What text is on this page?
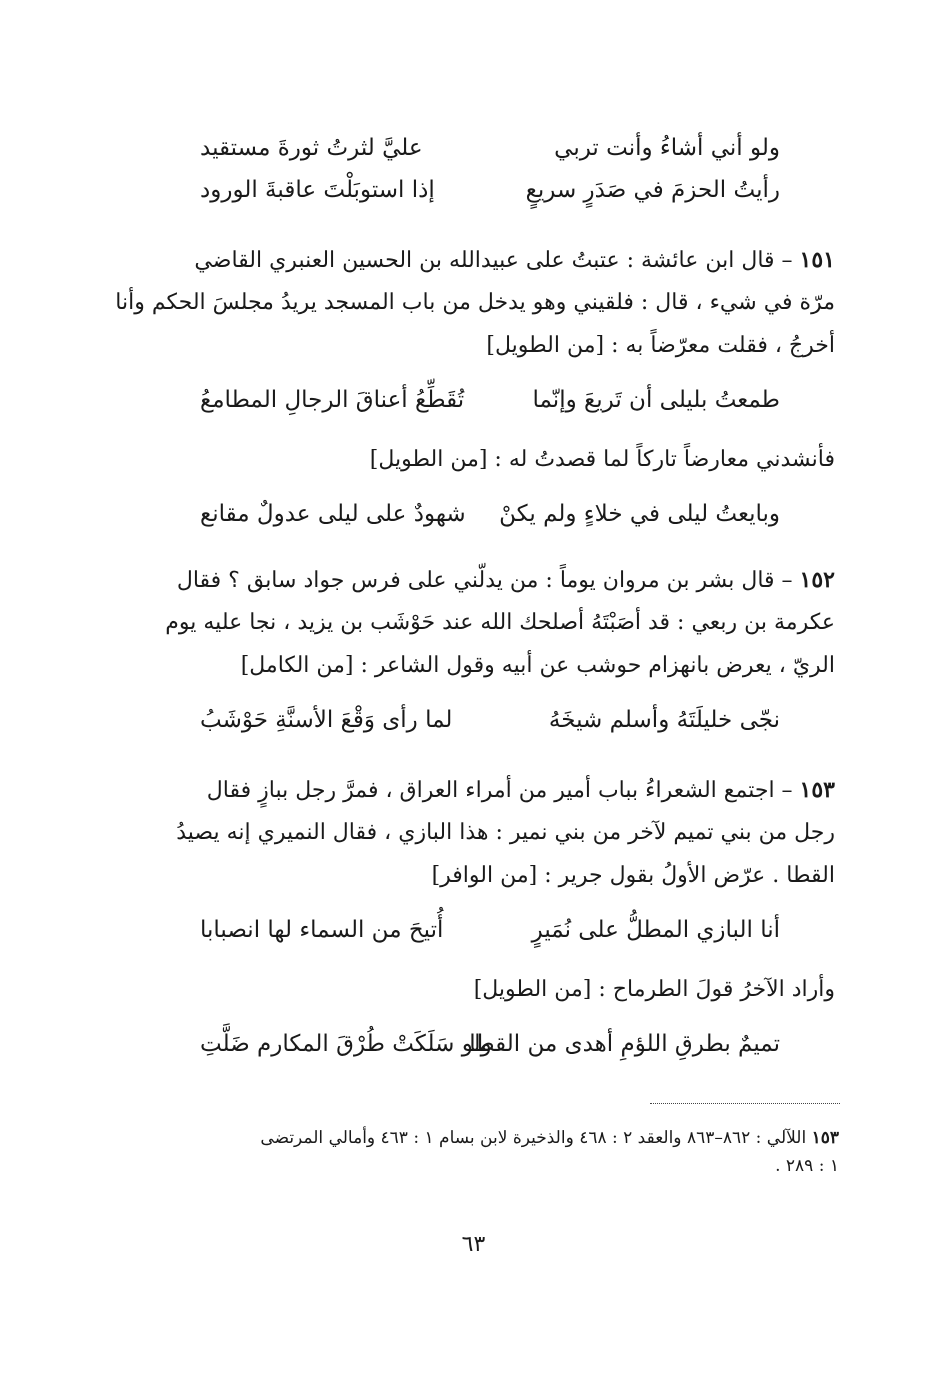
ولو أني أشاءُ وأنت تربي
عليَّ لثرتُ ثورةَ مستقيد
رأيتُ الحزمَ في صَدَرٍ سريعٍ
إذا استوبَلْتَ عاقبةَ الورود
١٥١ – قال ابن عائشة : عتبتُ على عبيدالله بن الحسين العنبري القاضي
مرّة في شيء ، قال : فلقيني وهو يدخل من باب المسجد يريدُ مجلسَ الحكم وأنا
أخرجُ ، فقلت معرّضاً به : [من الطويل]
طمعتُ بليلى أن تَريعَ وإنّما
تُقَطِّعُ أعناقَ الرجالِ المطامعُ
فأنشدني معارضاً تاركاً لما قصدتُ له : [من الطويل]
وبايعتُ ليلى في خلاءٍ ولم يكنْ
شهودٌ على ليلى عدولٌ مقانع
١٥٢ – قال بشر بن مروان يوماً : من يدلّني على فرس جواد سابق ؟ فقال
عكرمة بن ربعي : قد أصَبْتَهُ أصلحك الله عند حَوْشَب بن يزيد ، نجا عليه يوم
الريّ ، يعرض بانهزام حوشب عن أبيه وقول الشاعر : [من الكامل]
نجّى خليلَتَهُ وأسلم شيخَهُ
لما رأى وَقْعَ الأسنَّةِ حَوْشَبُ
١٥٣ – اجتمع الشعراءُ بباب أمير من أمراء العراق ، فمرَّ رجل ببازٍ فقال
رجل من بني تميم لآخر من بني نمير : هذا البازي ، فقال النميري إنه يصيدُ
القطا . عرّض الأولُ بقول جرير : [من الوافر]
أنا البازي المطلُّ على نُمَيرٍ
أُتيحَ من السماء لها انصبابا
وأراد الآخرُ قولَ الطرماح : [من الطويل]
تميمٌ بطرقِ اللؤمِ أهدى من القطا
ولو سَلَكَتْ طُرْقَ المكارم ضَلَّتِ
١٥٣ اللآلي : ٨٦٢–٨٦٣ والعقد ٢ : ٤٦٨ والذخيرة لابن بسام ١ : ٤٦٣ وأمالي المرتضى
١ : ٢٨٩ .
٦٣
